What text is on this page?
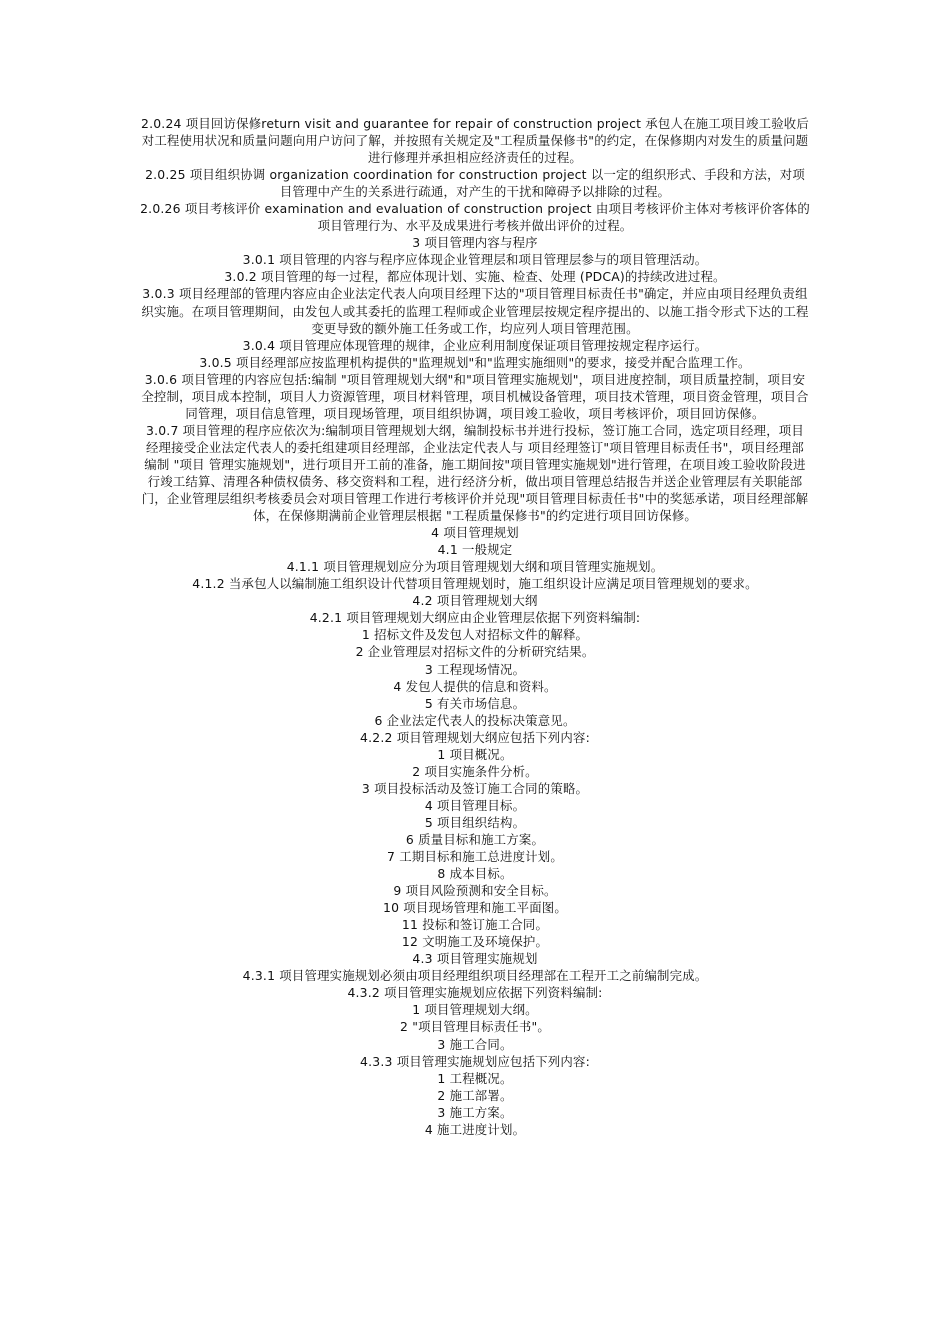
2.0.24 项目回访保修return visit and guarantee for repair of construction project 承包人在施工项目竣工验收后对工程使用状况和质量问题向用户访问了解，并按照有关规定及"工程质量保修书"的约定，在保修期内对发生的质量问题进行修理并承担相应经济责任的过程。

2.0.25 项目组织协调 organization coordination for construction project 以一定的组织形式、手段和方法，对项目管理中产生的关系进行疏通，对产生的干扰和障碍予以排除的过程。

2.0.26 项目考核评价 examination and evaluation of construction project 由项目考核评价主体对考核评价客体的项目管理行为、水平及成果进行考核并做出评价的过程。

3 项目管理内容与程序

3.0.1 项目管理的内容与程序应体现企业管理层和项目管理层参与的项目管理活动。

3.0.2 项目管理的每一过程，都应体现计划、实施、检查、处理 (PDCA)的持续改进过程。

3.0.3 项目经理部的管理内容应由企业法定代表人向项目经理下达的"项目管理目标责任书"确定，并应由项目经理负责组织实施。在项目管理期间，由发包人或其委托的监理工程师或企业管理层按规定程序提出的、以施工指令形式下达的工程变更导致的额外施工任务或工作，均应列人项目管理范围。

3.0.4 项目管理应体现管理的规律，企业应利用制度保证项目管理按规定程序运行。

3.0.5 项目经理部应按监理机构提供的"监理规划"和"监理实施细则"的要求，接受并配合监理工作。

3.0.6 项目管理的内容应包括:编制 "项目管理规划大纲"和"项目管理实施规划"，项目进度控制，项目质量控制，项目安全控制，项目成本控制，项目人力资源管理，项目材料管理，项目机械设备管理，项目技术管理，项目资金管理，项目合同管理，项目信息管理，项目现场管理，项目组织协调，项目竣工验收，项目考核评价，项目回访保修。

3.0.7 项目管理的程序应依次为:编制项目管理规划大纲，编制投标书并进行投标，签订施工合同，选定项目经理，项目经理接受企业法定代表人的委托组建项目经理部，企业法定代表人与 项目经理签订"项目管理目标责任书"，项目经理部编制 "项目 管理实施规划"，进行项目开工前的准备，施工期间按"项目管理实施规划"进行管理，在项目竣工验收阶段进行竣工结算、清理各种债权债务、移交资料和工程，进行经济分析，做出项目管理总结报告并送企业管理层有关职能部门，企业管理层组织考核委员会对项目管理工作进行考核评价并兑现"项目管理目标责任书"中的奖惩承诺，项目经理部解体，在保修期满前企业管理层根据 "工程质量保修书"的约定进行项目回访保修。

4 项目管理规划

4.1 一般规定

4.1.1 项目管理规划应分为项目管理规划大纲和项目管理实施规划。

4.1.2 当承包人以编制施工组织设计代替项目管理规划时，施工组织设计应满足项目管理规划的要求。

4.2 项目管理规划大纲

4.2.1 项目管理规划大纲应由企业管理层依据下列资料编制:

1 招标文件及发包人对招标文件的解释。

2 企业管理层对招标文件的分析研究结果。

3 工程现场情况。

4 发包人提供的信息和资料。

5 有关市场信息。

6 企业法定代表人的投标决策意见。

4.2.2 项目管理规划大纲应包括下列内容:

1 项目概况。

2 项目实施条件分析。

3 项目投标活动及签订施工合同的策略。

4 项目管理目标。

5 项目组织结构。

6 质量目标和施工方案。

7 工期目标和施工总进度计划。

8 成本目标。

9 项目风险预测和安全目标。

10 项目现场管理和施工平面图。

11 投标和签订施工合同。

12 文明施工及环境保护。

4.3 项目管理实施规划

4.3.1 项目管理实施规划必须由项目经理组织项目经理部在工程开工之前编制完成。

4.3.2 项目管理实施规划应依据下列资料编制:

1 项目管理规划大纲。

2 "项目管理目标责任书"。

3 施工合同。

4.3.3 项目管理实施规划应包括下列内容:

1 工程概况。

2 施工部署。

3 施工方案。

4 施工进度计划。
